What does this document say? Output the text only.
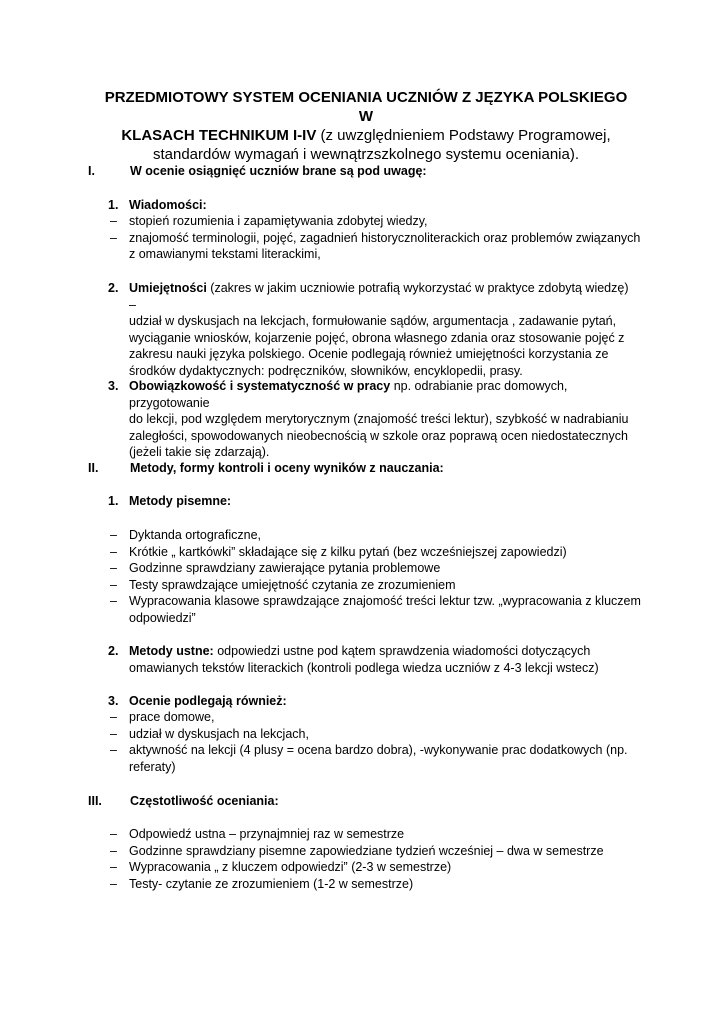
PRZEDMIOTOWY SYSTEM OCENIANIA UCZNIÓW Z JĘZYKA POLSKIEGO W
KLASACH TECHNIKUM I-IV (z uwzględnieniem Podstawy Programowej,
standardów wymagań i wewnątrzszkolnego systemu oceniania).
I.	W ocenie osiągnięć uczniów brane są pod uwagę:
1. Wiadomości:
– stopień rozumienia i zapamiętywania zdobytej wiedzy,
– znajomość terminologii, pojęć, zagadnień historycznoliterackich oraz problemów związanych
z omawianymi tekstami literackimi,
2. Umiejętności (zakres w jakim uczniowie potrafią wykorzystać w praktyce zdobytą wiedzę) –
udział w dyskusjach na lekcjach, formułowanie sądów, argumentacja , zadawanie pytań,
wyciąganie wniosków, kojarzenie pojęć, obrona własnego zdania oraz stosowanie pojęć z
zakresu nauki języka polskiego. Ocenie podlegają również umiejętności korzystania ze
środków dydaktycznych: podręczników, słowników, encyklopedii, prasy.
3. Obowiązkowość i systematyczność w pracy np. odrabianie prac domowych, przygotowanie
do lekcji, pod względem merytorycznym (znajomość treści lektur), szybkość w nadrabianiu
zaległości, spowodowanych nieobecnością w szkole oraz poprawą ocen niedostatecznych
(jeżeli takie się zdarzają).
II.	Metody, formy kontroli i oceny wyników z nauczania:
1. Metody pisemne:
– Dyktanda ortograficzne,
– Krótkie „ kartkówki” składające się z kilku pytań (bez wcześniejszej zapowiedzi)
– Godzinne sprawdziany zawierające pytania problemowe
– Testy sprawdzające umiejętność czytania ze zrozumieniem
– Wypracowania klasowe sprawdzające znajomość treści lektur tzw. „wypracowania z kluczem
odpowiedzi”
2. Metody ustne: odpowiedzi ustne pod kątem sprawdzenia wiadomości dotyczących
omawianych tekstów literackich (kontroli podlega wiedza uczniów z 4-3 lekcji wstecz)
3. Ocenie podlegają również:
– prace domowe,
– udział w dyskusjach na lekcjach,
– aktywność na lekcji (4 plusy = ocena bardzo dobra), -wykonywanie prac dodatkowych (np.
referaty)
III.	Częstotliwość oceniania:
– Odpowiedź ustna – przynajmniej raz w semestrze
– Godzinne sprawdziany pisemne zapowiedziane tydzień wcześniej – dwa w semestrze
– Wypracowania „ z kluczem odpowiedzi” (2-3 w semestrze)
– Testy- czytanie ze zrozumieniem (1-2 w semestrze)
